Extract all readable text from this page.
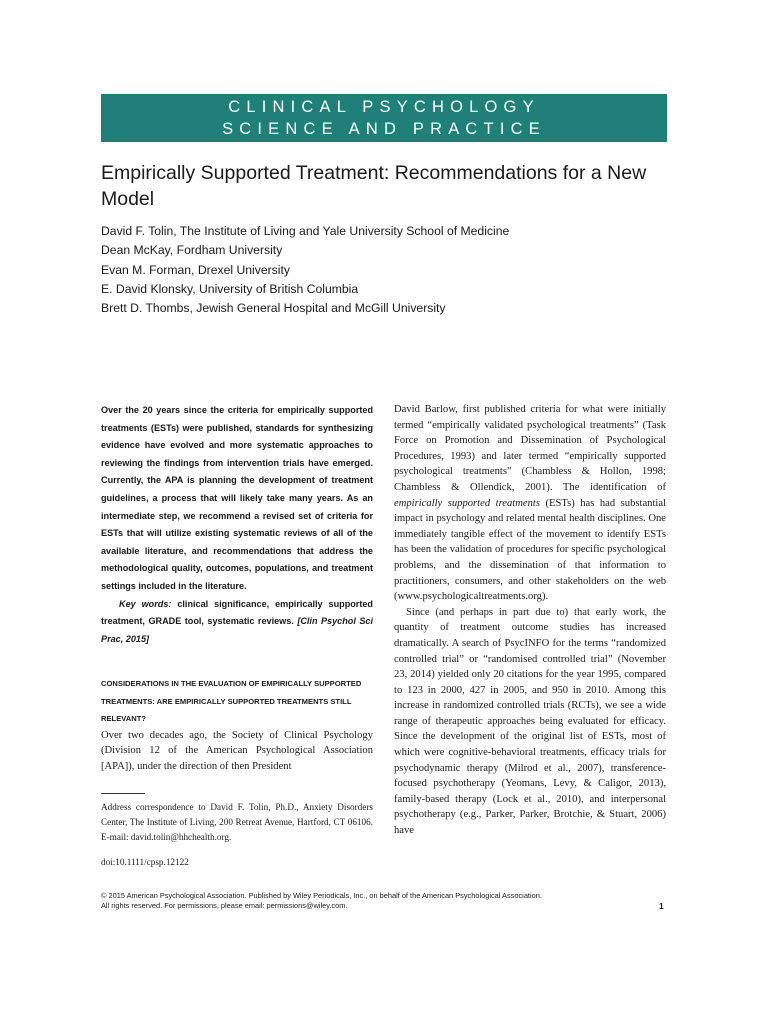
CLINICAL PSYCHOLOGY
SCIENCE AND PRACTICE
Empirically Supported Treatment: Recommendations for a New Model
David F. Tolin, The Institute of Living and Yale University School of Medicine
Dean McKay, Fordham University
Evan M. Forman, Drexel University
E. David Klonsky, University of British Columbia
Brett D. Thombs, Jewish General Hospital and McGill University

Over the 20 years since the criteria for empirically supported treatments (ESTs) were published, standards for synthesizing evidence have evolved and more systematic approaches to reviewing the findings from intervention trials have emerged. Currently, the APA is planning the development of treatment guidelines, a process that will likely take many years. As an intermediate step, we recommend a revised set of criteria for ESTs that will utilize existing systematic reviews of all of the available literature, and recommendations that address the methodological quality, outcomes, populations, and treatment settings included in the literature.

Key words: clinical significance, empirically supported treatment, GRADE tool, systematic reviews. [Clin Psychol Sci Prac, 2015]

CONSIDERATIONS IN THE EVALUATION OF EMPIRICALLY SUPPORTED TREATMENTS: ARE EMPIRICALLY SUPPORTED TREATMENTS STILL RELEVANT?

Over two decades ago, the Society of Clinical Psychology (Division 12 of the American Psychological Association [APA]), under the direction of then President

Address correspondence to David F. Tolin, Ph.D., Anxiety Disorders Center, The Institute of Living, 200 Retreat Avenue, Hartford, CT 06106. E-mail: david.tolin@hhchealth.org.

doi:10.1111/cpsp.12122

David Barlow, first published criteria for what were initially termed “empirically validated psychological treatments” (Task Force on Promotion and Dissemination of Psychological Procedures, 1993) and later termed “empirically supported psychological treatments” (Chambless & Hollon, 1998; Chambless & Ollendick, 2001). The identification of empirically supported treatments (ESTs) has had substantial impact in psychology and related mental health disciplines. One immediately tangible effect of the movement to identify ESTs has been the validation of procedures for specific psychological problems, and the dissemination of that information to practitioners, consumers, and other stakeholders on the web (www.psychologicaltreatments.org).

Since (and perhaps in part due to) that early work, the quantity of treatment outcome studies has increased dramatically. A search of PsycINFO for the terms “randomized controlled trial” or “randomised controlled trial” (November 23, 2014) yielded only 20 citations for the year 1995, compared to 123 in 2000, 427 in 2005, and 950 in 2010. Among this increase in randomized controlled trials (RCTs), we see a wide range of therapeutic approaches being evaluated for efficacy. Since the development of the original list of ESTs, most of which were cognitive-behavioral treatments, efficacy trials for psychodynamic therapy (Milrod et al., 2007), transference-focused psychotherapy (Yeomans, Levy, & Caligor, 2013), family-based therapy (Lock et al., 2010), and interpersonal psychotherapy (e.g., Parker, Parker, Brotchie, & Stuart, 2006) have

© 2015 American Psychological Association. Published by Wiley Periodicals, Inc., on behalf of the American Psychological Association.
All rights reserved. For permissions, please email: permissions@wiley.com.	1
